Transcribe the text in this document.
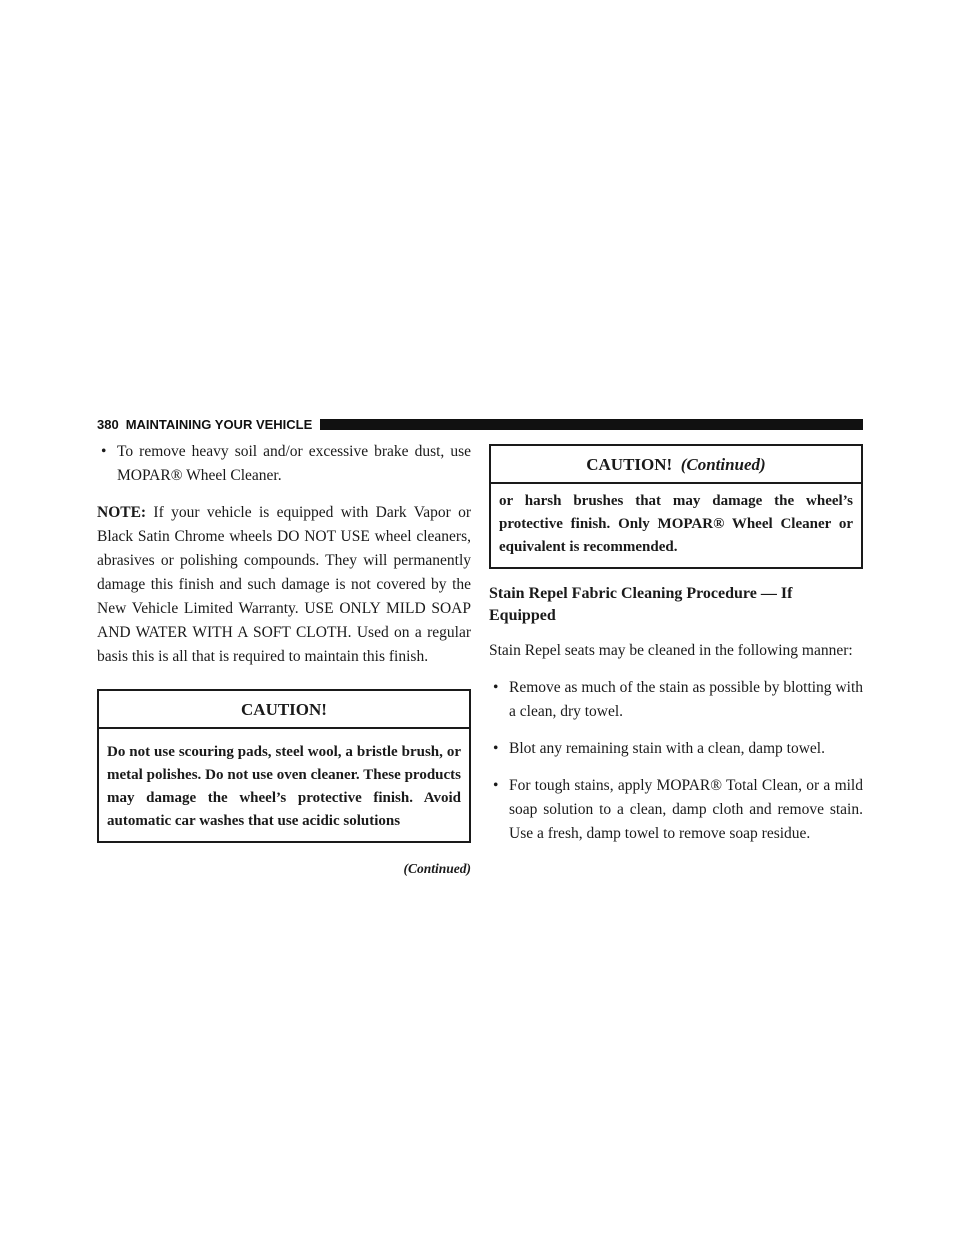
380 MAINTAINING YOUR VEHICLE
• To remove heavy soil and/or excessive brake dust, use MOPAR® Wheel Cleaner.

NOTE: If your vehicle is equipped with Dark Vapor or Black Satin Chrome wheels DO NOT USE wheel cleaners, abrasives or polishing compounds. They will permanently damage this finish and such damage is not covered by the New Vehicle Limited Warranty. USE ONLY MILD SOAP AND WATER WITH A SOFT CLOTH. Used on a regular basis this is all that is required to maintain this finish.

CAUTION!
Do not use scouring pads, steel wool, a bristle brush, or metal polishes. Do not use oven cleaner. These products may damage the wheel’s protective finish. Avoid automatic car washes that use acidic solutions
(Continued)
CAUTION! (Continued)
or harsh brushes that may damage the wheel’s protective finish. Only MOPAR® Wheel Cleaner or equivalent is recommended.
Stain Repel Fabric Cleaning Procedure — If Equipped

Stain Repel seats may be cleaned in the following manner:

• Remove as much of the stain as possible by blotting with a clean, dry towel.
• Blot any remaining stain with a clean, damp towel.
• For tough stains, apply MOPAR® Total Clean, or a mild soap solution to a clean, damp cloth and remove stain. Use a fresh, damp towel to remove soap residue.
